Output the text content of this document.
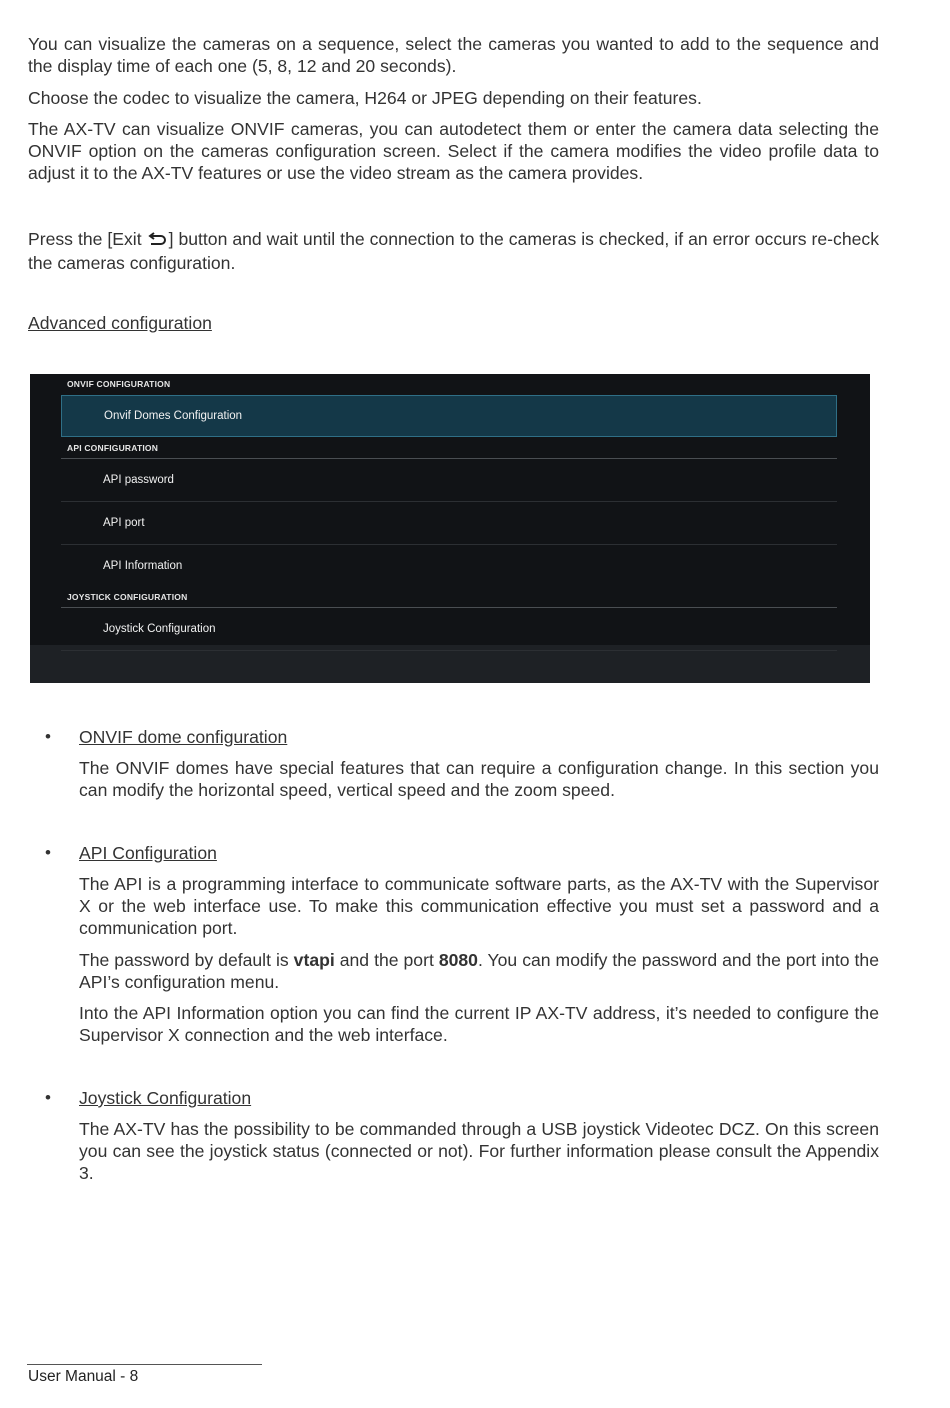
You can visualize the cameras on a sequence, select the cameras you wanted to add to the sequence and the display time of each one (5, 8, 12 and 20 seconds).

Choose the codec to visualize the camera, H264 or JPEG depending on their features.

The AX-TV can visualize ONVIF cameras, you can autodetect them or enter the camera data selecting the ONVIF option on the cameras configuration screen. Select if the camera modifies the video profile data to adjust it to the AX-TV features or use the video stream as the camera provides.

Press the [Exit ] button and wait until the connection to the cameras is checked, if an error occurs re-check the cameras configuration.

Advanced configuration

ONVIF CONFIGURATION
Onvif Domes Configuration
API CONFIGURATION
API password
API port
API Information
JOYSTICK CONFIGURATION
Joystick Configuration
• ONVIF dome configuration

The ONVIF domes have special features that can require a configuration change. In this section you can modify the horizontal speed, vertical speed and the zoom speed.

• API Configuration

The API is a programming interface to communicate software parts, as the AX-TV with the Supervisor X or the web interface use. To make this communication effective you must set a password and a communication port.

The password by default is vtapi and the port 8080. You can modify the password and the port into the API’s configuration menu.

Into the API Information option you can find the current IP AX-TV address, it’s needed to configure the Supervisor X connection and the web interface.

• Joystick Configuration

The AX-TV has the possibility to be commanded through a USB joystick Videotec DCZ. On this screen you can see the joystick status (connected or not). For further information please consult the Appendix 3.

User Manual - 8
